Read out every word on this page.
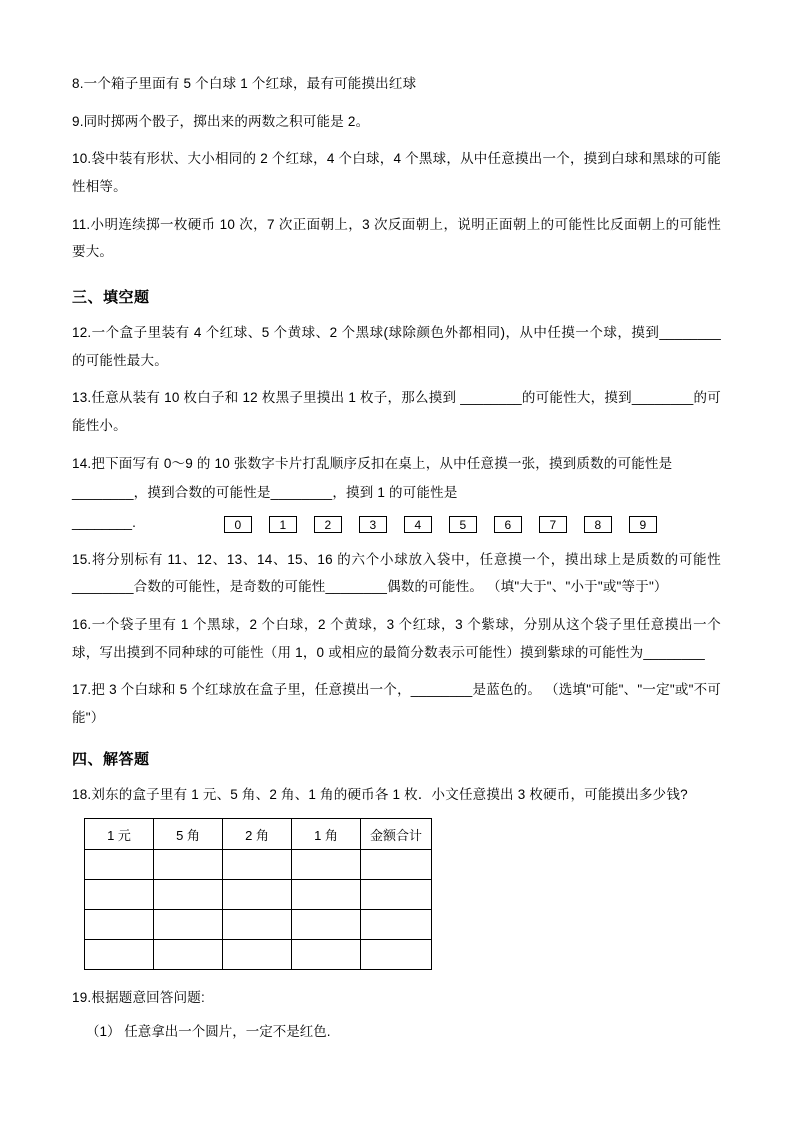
8.一个箱子里面有 5 个白球 1 个红球，最有可能摸出红球

9.同时掷两个骰子，掷出来的两数之积可能是 2。

10.袋中装有形状、大小相同的 2 个红球，4 个白球，4 个黑球，从中任意摸出一个，摸到白球和黑球的可能性相等。

11.小明连续掷一枚硬币 10 次，7 次正面朝上，3 次反面朝上，说明正面朝上的可能性比反面朝上的可能性要大。

三、填空题

12.一个盒子里装有 4 个红球、5 个黄球、2 个黑球(球除颜色外都相同)，从中任摸一个球，摸到________的可能性最大。

13.任意从装有 10 枚白子和 12 枚黑子里摸出 1 枚子，那么摸到 ________的可能性大，摸到________的可能性小。

14.把下面写有 0～9 的 10 张数字卡片打乱顺序反扣在桌上，从中任意摸一张，摸到质数的可能性是

________，摸到合数的可能性是________，摸到 1 的可能性是

________.	0	1	2	3	4	5	6	7	8	9

15.将分别标有 11、12、13、14、15、16 的六个小球放入袋中，任意摸一个，摸出球上是质数的可能性________合数的可能性，是奇数的可能性________偶数的可能性。 （填"大于"、"小于"或"等于"）

16.一个袋子里有 1 个黑球，2 个白球，2 个黄球，3 个红球，3 个紫球，分别从这个袋子里任意摸出一个球，写出摸到不同种球的可能性（用 1，0 或相应的最简分数表示可能性）摸到紫球的可能性为________

17.把 3 个白球和 5 个红球放在盒子里，任意摸出一个，________是蓝色的。 （选填"可能"、"一定"或"不可能"）

四、解答题

18.刘东的盒子里有 1 元、5 角、2 角、1 角的硬币各 1 枚．小文任意摸出 3 枚硬币，可能摸出多少钱?

1 元	5 角	2 角	1 角	金额合计

19.根据题意回答问题:

（1） 任意拿出一个圆片，一定不是红色.
